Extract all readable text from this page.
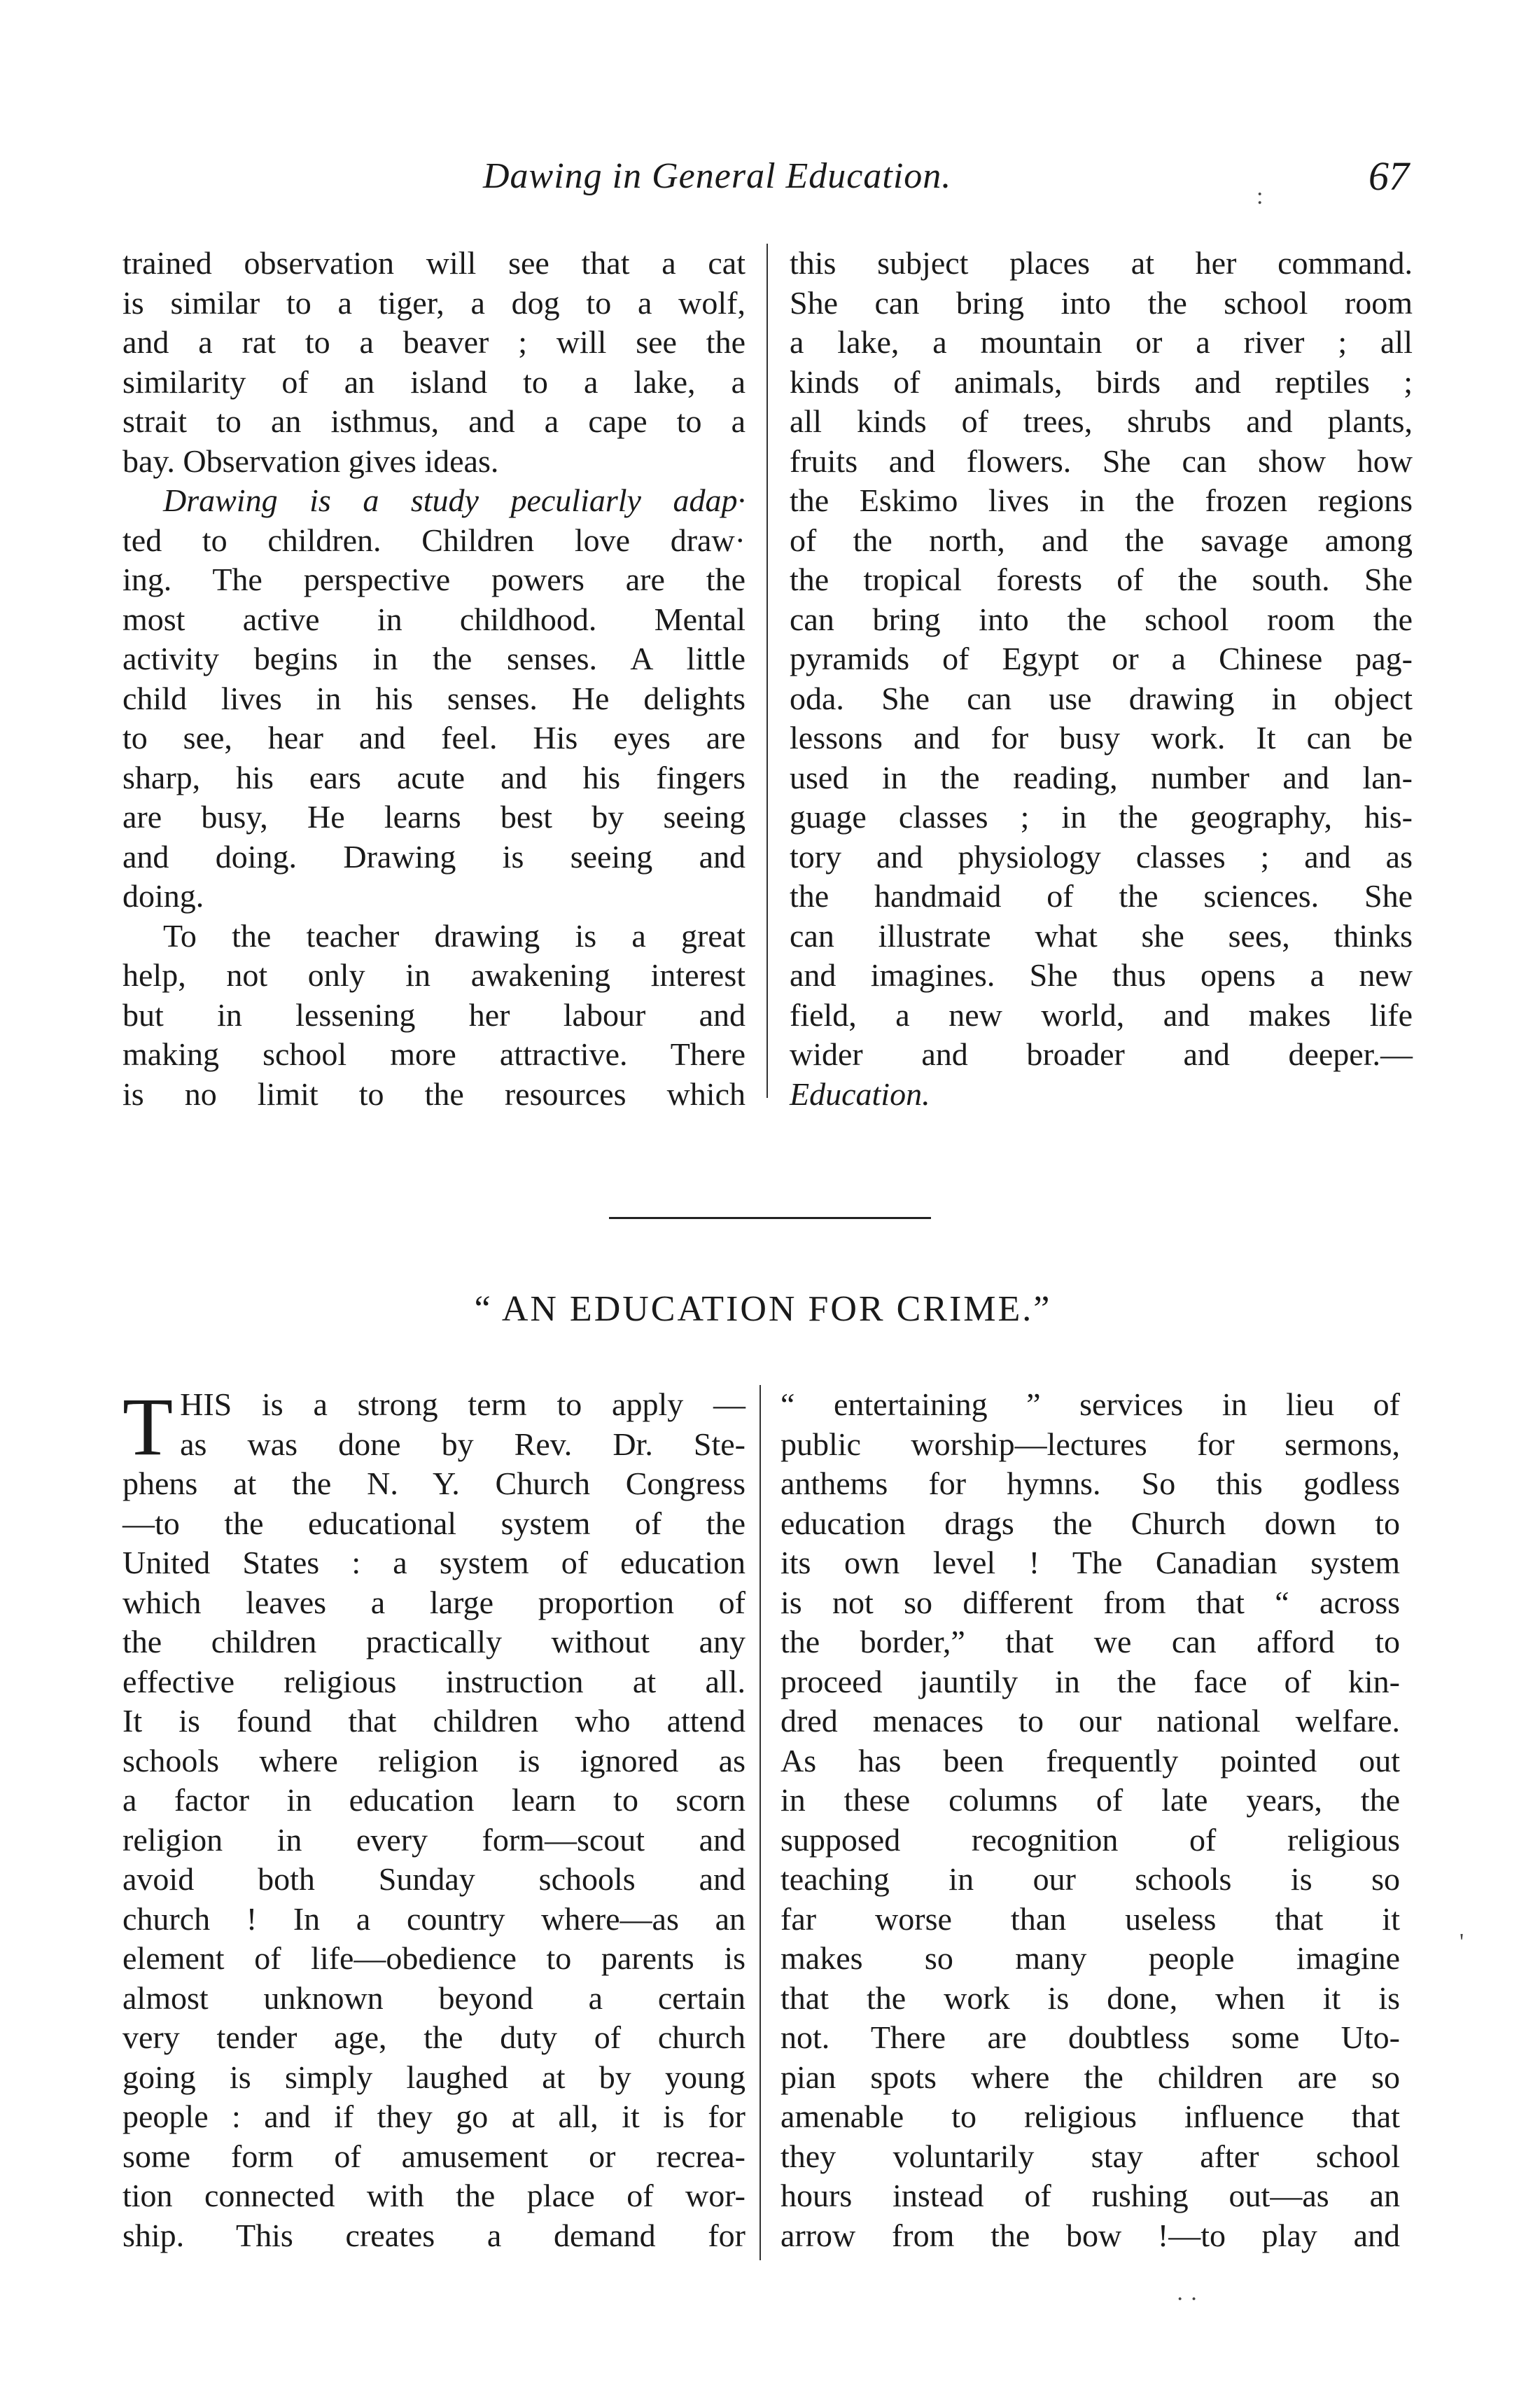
Dawing in General Education.	67
trained observation will see that a cat
is similar to a tiger, a dog to a wolf,
and a rat to a beaver ; will see the
similarity of an island to a lake, a
strait to an isthmus, and a cape to a
bay. Observation gives ideas.
Drawing is a study peculiarly adap·
ted to children. Children love draw·
ing. The perspective powers are the
most active in childhood. Mental
activity begins in the senses. A little
child lives in his senses. He delights
to see, hear and feel. His eyes are
sharp, his ears acute and his fingers
are busy, He learns best by seeing
and doing. Drawing is seeing and
doing.
To the teacher drawing is a great
help, not only in awakening interest
but in lessening her labour and
making school more attractive. There
is no limit to the resources which
this subject places at her command.
She can bring into the school room
a lake, a mountain or a river ; all
kinds of animals, birds and reptiles ;
all kinds of trees, shrubs and plants,
fruits and flowers. She can show how
the Eskimo lives in the frozen regions
of the north, and the savage among
the tropical forests of the south. She
can bring into the school room the
pyramids of Egypt or a Chinese pag-
oda. She can use drawing in object
lessons and for busy work. It can be
used in the reading, number and lan-
guage classes ; in the geography, his-
tory and physiology classes ; and as
the handmaid of the sciences. She
can illustrate what she sees, thinks
and imagines. She thus opens a new
field, a new world, and makes life
wider and broader and deeper.—
Education.
“ AN EDUCATION FOR CRIME.”
T HIS is a strong term to apply —
as was done by Rev. Dr. Ste-
phens at the N. Y. Church Congress
—to the educational system of the
United States : a system of education
which leaves a large proportion of
the children practically without any
effective religious instruction at all.
It is found that children who attend
schools where religion is ignored as
a factor in education learn to scorn
religion in every form—scout and
avoid both Sunday schools and
church ! In a country where—as an
element of life—obedience to parents is
almost unknown beyond a certain
very tender age, the duty of church
going is simply laughed at by young
people : and if they go at all, it is for
some form of amusement or recrea-
tion connected with the place of wor-
ship. This creates a demand for
“ entertaining ” services in lieu of
public worship—lectures for sermons,
anthems for hymns. So this godless
education drags the Church down to
its own level ! The Canadian system
is not so different from that “ across
the border,” that we can afford to
proceed jauntily in the face of kin-
dred menaces to our national welfare.
As has been frequently pointed out
in these columns of late years, the
supposed recognition of religious
teaching in our schools is so
far worse than useless that it
makes so many people imagine
that the work is done, when it is
not. There are doubtless some Uto-
pian spots where the children are so
amenable to religious influence that
they voluntarily stay after school
hours instead of rushing out—as an
arrow from the bow !—to play and
:
'
· ·
